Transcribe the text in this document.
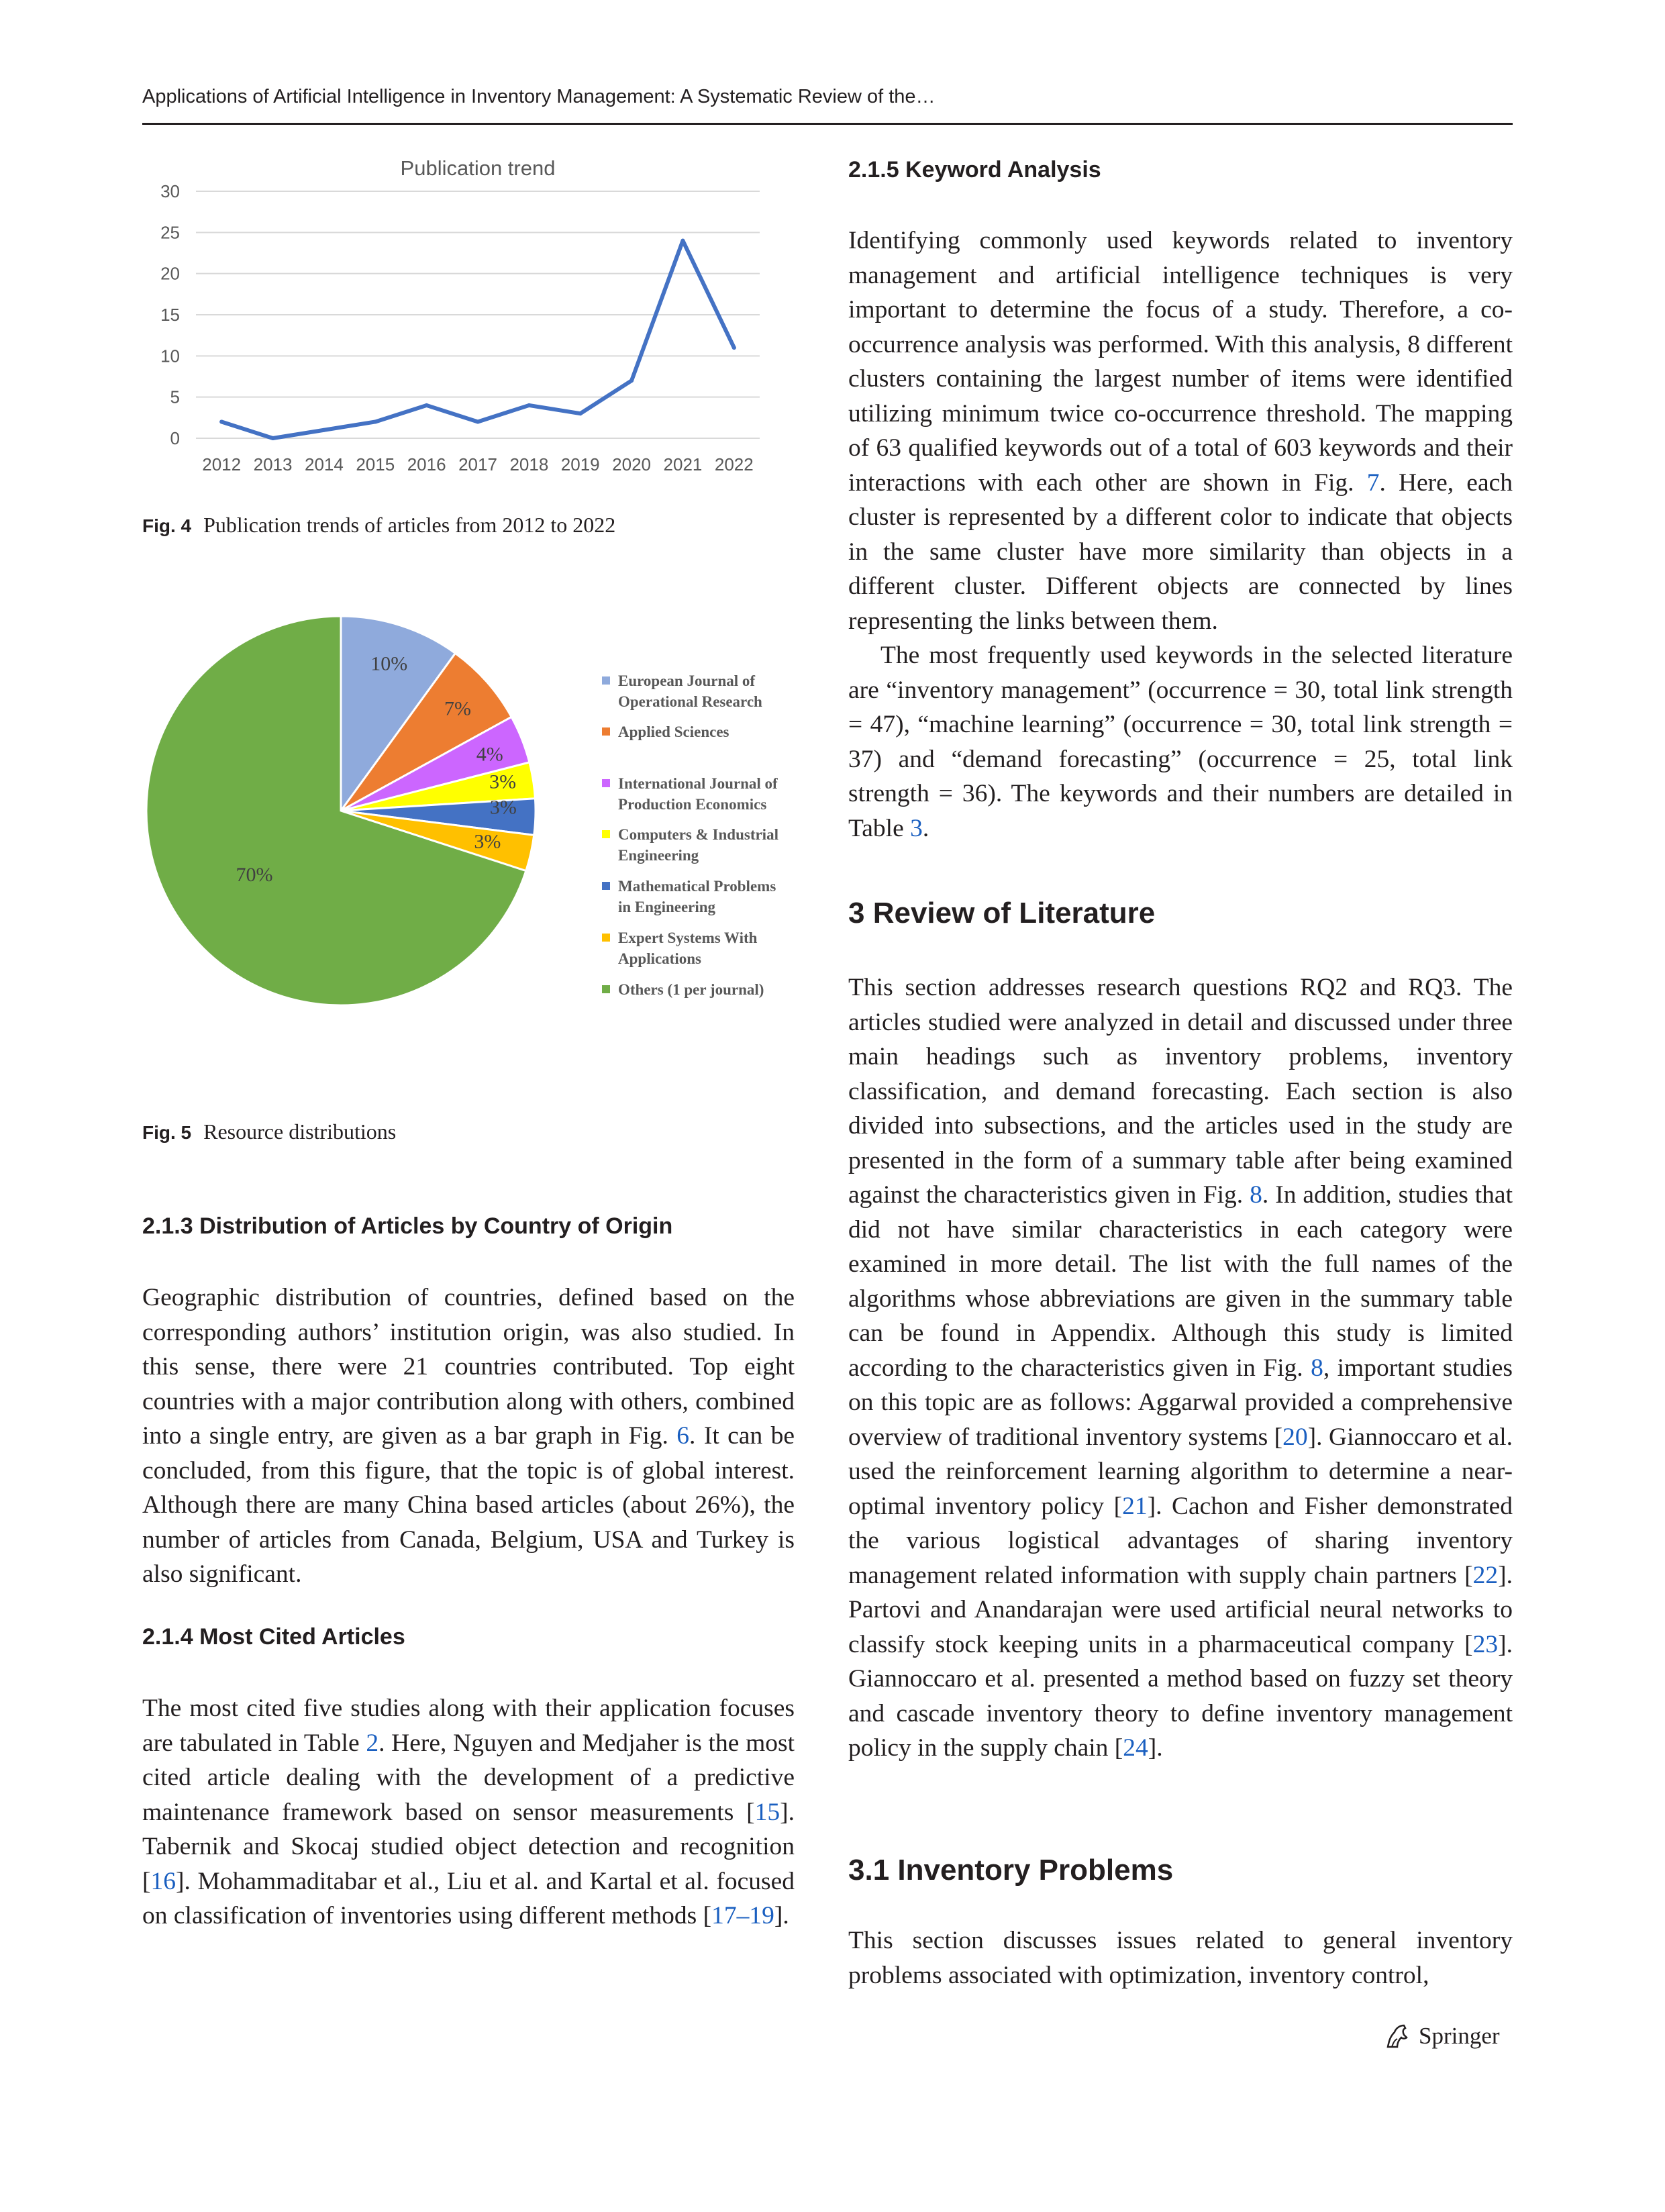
Applications of Artificial Intelligence in Inventory Management: A Systematic Review of the…
Publication trend
0
5
10
15
20
25
30
2012 2013 2014 2015 2016 2017 2018 2019 2020 2021 2022
Fig. 4 Publication trends of articles from 2012 to 2022
10%
7%
4%
3%
3%
3%
70%
European Journal of
Operational Research
Applied Sciences
International Journal of
Production Economics
Computers & Industrial
Engineering
Mathematical Problems
in Engineering
Expert Systems With
Applications
Others (1 per journal)
Fig. 5 Resource distributions
2.1.3 Distribution of Articles by Country of Origin

Geographic distribution of countries, defined based on the corresponding authors’ institution origin, was also studied. In this sense, there were 21 countries contributed. Top eight countries with a major contribution along with others, combined into a single entry, are given as a bar graph in Fig. 6. It can be concluded, from this figure, that the topic is of global interest. Although there are many China based articles (about 26%), the number of articles from Canada, Belgium, USA and Turkey is also significant.

2.1.4 Most Cited Articles

The most cited five studies along with their application focuses are tabulated in Table 2. Here, Nguyen and Medjaher is the most cited article dealing with the development of a predictive maintenance framework based on sensor measurements [15]. Tabernik and Skocaj studied object detection and recognition [16]. Mohammaditabar et al., Liu et al. and Kartal et al. focused on classification of inventories using different methods [17–19].

2.1.5 Keyword Analysis

Identifying commonly used keywords related to inventory management and artificial intelligence techniques is very important to determine the focus of a study. Therefore, a co-occurrence analysis was performed. With this analysis, 8 different clusters containing the largest number of items were identified utilizing minimum twice co-occurrence threshold. The mapping of 63 qualified keywords out of a total of 603 keywords and their interactions with each other are shown in Fig. 7. Here, each cluster is represented by a different color to indicate that objects in the same cluster have more similarity than objects in a different cluster. Different objects are connected by lines representing the links between them.

The most frequently used keywords in the selected literature are “inventory management” (occurrence = 30, total link strength = 47), “machine learning” (occurrence = 30, total link strength = 37) and “demand forecasting” (occurrence = 25, total link strength = 36). The keywords and their numbers are detailed in Table 3.

3 Review of Literature

This section addresses research questions RQ2 and RQ3. The articles studied were analyzed in detail and discussed under three main headings such as inventory problems, inventory classification, and demand forecasting. Each section is also divided into subsections, and the articles used in the study are presented in the form of a summary table after being examined against the characteristics given in Fig. 8. In addition, studies that did not have similar characteristics in each category were examined in more detail. The list with the full names of the algorithms whose abbreviations are given in the summary table can be found in Appendix. Although this study is limited according to the characteristics given in Fig. 8, important studies on this topic are as follows: Aggarwal provided a comprehensive overview of traditional inventory systems [20]. Giannoccaro et al. used the reinforcement learning algorithm to determine a near-optimal inventory policy [21]. Cachon and Fisher demonstrated the various logistical advantages of sharing inventory management related information with supply chain partners [22]. Partovi and Anandarajan were used artificial neural networks to classify stock keeping units in a pharmaceutical company [23]. Giannoccaro et al. presented a method based on fuzzy set theory and cascade inventory theory to define inventory management policy in the supply chain [24].

3.1 Inventory Problems

This section discusses issues related to general inventory problems associated with optimization, inventory control,

Springer
